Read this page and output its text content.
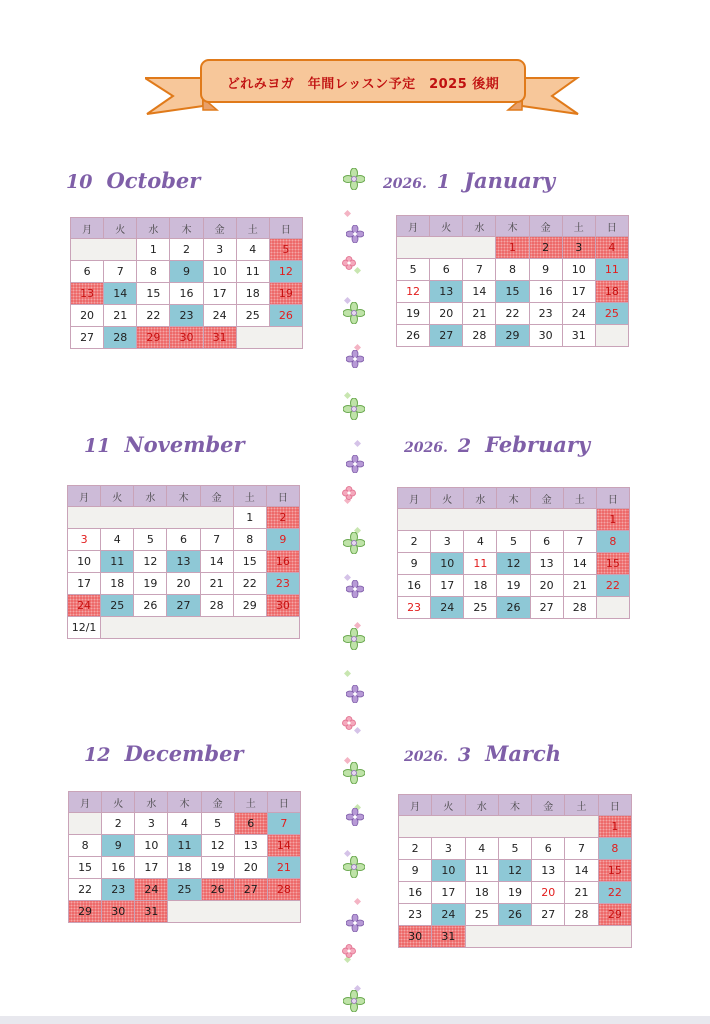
どれみヨガ　年間レッスン予定　2025 後期
10 October
11 November
12 December
2026. 1 January
2026. 2 February
2026. 3 March
月	火	水	木	金	土	日
		1	2	3	4	5
6	7	8	9	10	11	12
13	14	15	16	17	18	19
20	21	22	23	24	25	26
27	28	29	30	31		
月	火	水	木	金	土	日
					1	2
3	4	5	6	7	8	9
10	11	12	13	14	15	16
17	18	19	20	21	22	23
24	25	26	27	28	29	30
12/1						
月	火	水	木	金	土	日
	2	3	4	5	6	7
8	9	10	11	12	13	14
15	16	17	18	19	20	21
22	23	24	25	26	27	28
29	30	31				
月	火	水	木	金	土	日
			1	2	3	4
5	6	7	8	9	10	11
12	13	14	15	16	17	18
19	20	21	22	23	24	25
26	27	28	29	30	31	
月	火	水	木	金	土	日
						1
2	3	4	5	6	7	8
9	10	11	12	13	14	15
16	17	18	19	20	21	22
23	24	25	26	27	28	
月	火	水	木	金	土	日
						1
2	3	4	5	6	7	8
9	10	11	12	13	14	15
16	17	18	19	20	21	22
23	24	25	26	27	28	29
30	31					
